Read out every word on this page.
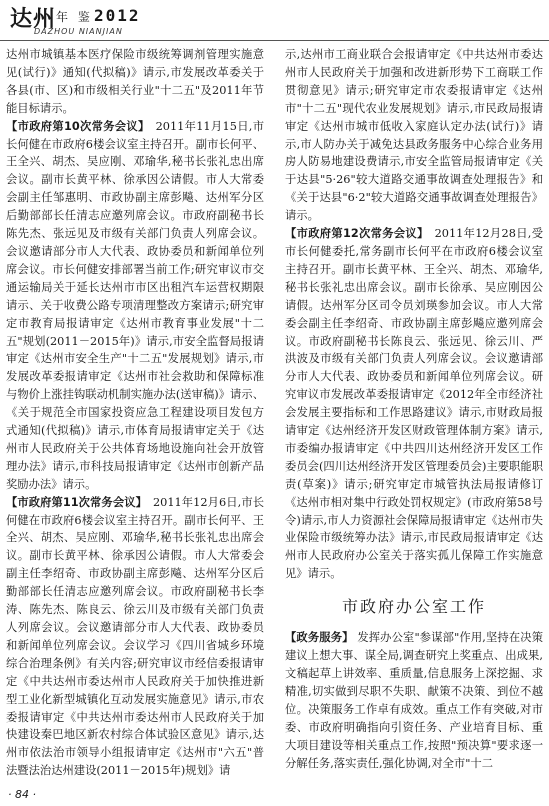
达州 年 鉴 2012
DAZHOU NIANJIAN

达州市城镇基本医疗保险市级统筹调剂管理实施意见(试行)》通知(代拟稿)》请示,市发展改革委关于各县(市、区)和市级相关行业"十二五"及2011年节能目标请示。

【市政府第10次常务会议】 2011年11月15日,市长何健在市政府6楼会议室主持召开。副市长何平、王全兴、胡杰、吴应刚、邓瑜华,秘书长张礼忠出席会议。副市长黄平林、徐承因公请假。市人大常委会副主任邹惠明、市政协副主席彭飚、达州军分区后勤部部长任清志应邀列席会议。市政府副秘书长陈先杰、张远见及市级有关部门负责人列席会议。会议邀请部分市人大代表、政协委员和新闻单位列席会议。市长何健安排部署当前工作;研究审议市交通运输局关于延长达州市市区出租汽车运营权期限请示、关于收费公路专项清理整改方案请示;研究审定市教育局报请审定《达州市教育事业发展"十二五"规划(2011－2015年)》请示,市安全监督局报请审定《达州市安全生产"十二五"发展规划》请示,市发展改革委报请审定《达州市社会救助和保障标准与物价上涨挂钩联动机制实施办法(送审稿)》请示、《关于规范全市国家投资应急工程建设项目发包方式通知(代拟稿)》请示,市体育局报请审定关于《达州市人民政府关于公共体育场地设施向社会开放管理办法》请示,市科技局报请审定《达州市创新产品奖励办法》请示。

【市政府第11次常务会议】 2011年12月6日,市长何健在市政府6楼会议室主持召开。副市长何平、王全兴、胡杰、吴应刚、邓瑜华,秘书长张礼忠出席会议。副市长黄平林、徐承因公请假。市人大常委会副主任李绍奇、市政协副主席彭飚、达州军分区后勤部部长任清志应邀列席会议。市政府副秘书长李涛、陈先杰、陈良云、徐云川及市级有关部门负责人列席会议。会议邀请部分市人大代表、政协委员和新闻单位列席会议。会议学习《四川省城乡环境综合治理条例》有关内容;研究审议市经信委报请审定《中共达州市委达州市人民政府关于加快推进新型工业化新型城镇化互动发展实施意见》请示,市农委报请审定《中共达州市委达州市人民政府关于加快建设秦巴地区新农村综合体试验区意见》请示,达州市依法治市领导小组报请审定《达州市"六五"普法暨法治达州建设(2011－2015年)规划》请

示,达州市工商业联合会报请审定《中共达州市委达州市人民政府关于加强和改进新形势下工商联工作贯彻意见》请示;研究审定市农委报请审定《达州市"十二五"现代农业发展规划》请示,市民政局报请审定《达州市城市低收入家庭认定办法(试行)》请示,市人防办关于减免达县政务服务中心综合业务用房人防易地建设费请示,市安全监管局报请审定《关于达县"5·26"较大道路交通事故调查处理报告》和《关于达县"6·2"较大道路交通事故调查处理报告》请示。

【市政府第12次常务会议】 2011年12月28日,受市长何健委托,常务副市长何平在市政府6楼会议室主持召开。副市长黄平林、王全兴、胡杰、邓瑜华,秘书长张礼忠出席会议。副市长徐承、吴应刚因公请假。达州军分区司令员刘瑛参加会议。市人大常委会副主任李绍奇、市政协副主席彭飚应邀列席会议。市政府副秘书长陈良云、张远见、徐云川、严洪波及市级有关部门负责人列席会议。会议邀请部分市人大代表、政协委员和新闻单位列席会议。研究审议市发展改革委报请审定《2012年全市经济社会发展主要指标和工作思路建议》请示,市财政局报请审定《达州经济开发区财政管理体制方案》请示,市委编办报请审定《中共四川达州经济开发区工作委员会(四川达州经济开发区管理委员会)主要职能职责(草案)》请示;研究审定市城管执法局报请修订《达州市相对集中行政处罚权规定》(市政府第58号令)请示,市人力资源社会保障局报请审定《达州市失业保险市级统筹办法》请示,市民政局报请审定《达州市人民政府办公室关于落实孤儿保障工作实施意见》请示。

市政府办公室工作

【政务服务】 发挥办公室"参谋部"作用,坚持在决策建议上想大事、谋全局,调查研究上奖重点、出成果,文稿起草上讲效率、重质量,信息服务上深挖掘、求精准,切实做到尽职不失职、献策不决策、到位不越位。决策服务工作卓有成效。重点工作有突破,对市委、市政府明确指向引资任务、产业培育目标、重大项目建设等相关重点工作,按照"预决算"要求逐一分解任务,落实责任,强化协调,对全市"十二

· 84 ·
